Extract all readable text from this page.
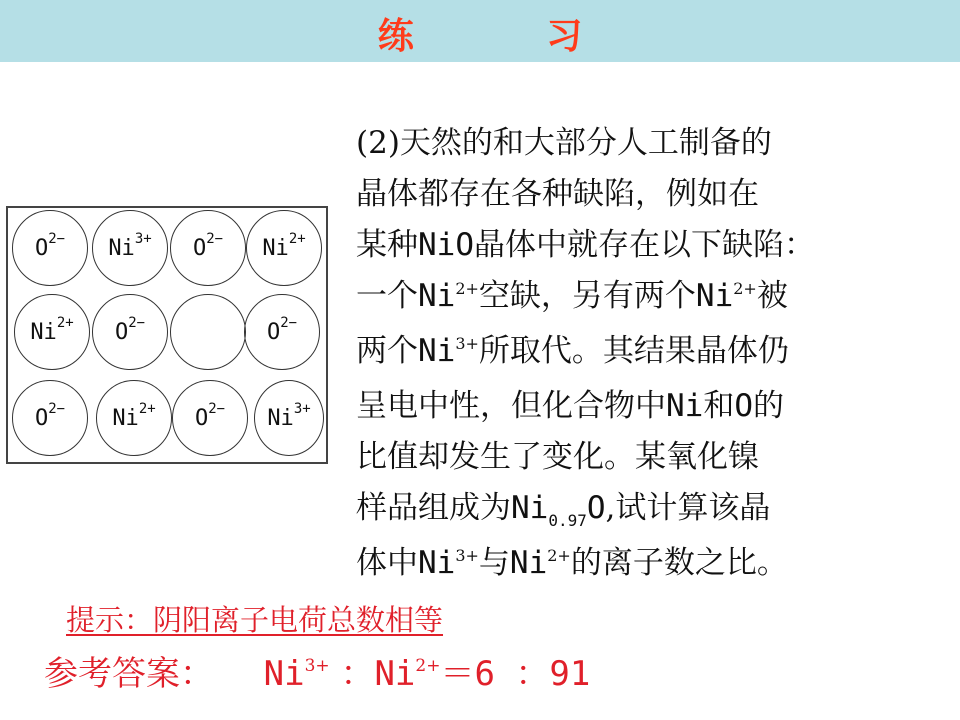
练 习
$O^{2-}$ $Ni^{3+}$ $O^{2-}$ $Ni^{2+}$
$Ni^{2+}$ $O^{2-}$	$O^{2-}$
$O^{2-}$ $Ni^{2+}$ $O^{2-}$ $Ni^{3+}$
(2)天然的和大部分人工制备的
晶体都存在各种缺陷，例如在
某种NiO晶体中就存在以下缺陷：
一个$Ni^{2+}$空缺，另有两个$Ni^{2+}$被
两个$Ni^{3+}$所取代。其结果晶体仍
呈电中性，但化合物中Ni和O的
比值却发生了变化。某氧化镍
样品组成为$Ni_{0.97}O$,试计算该晶
体中$Ni^{3+}$与$Ni^{2+}$的离子数之比。
提示：阴阳离子电荷总数相等
参考答案： $Ni^{3+}$ ：$Ni^{2+}=6$ ：91
